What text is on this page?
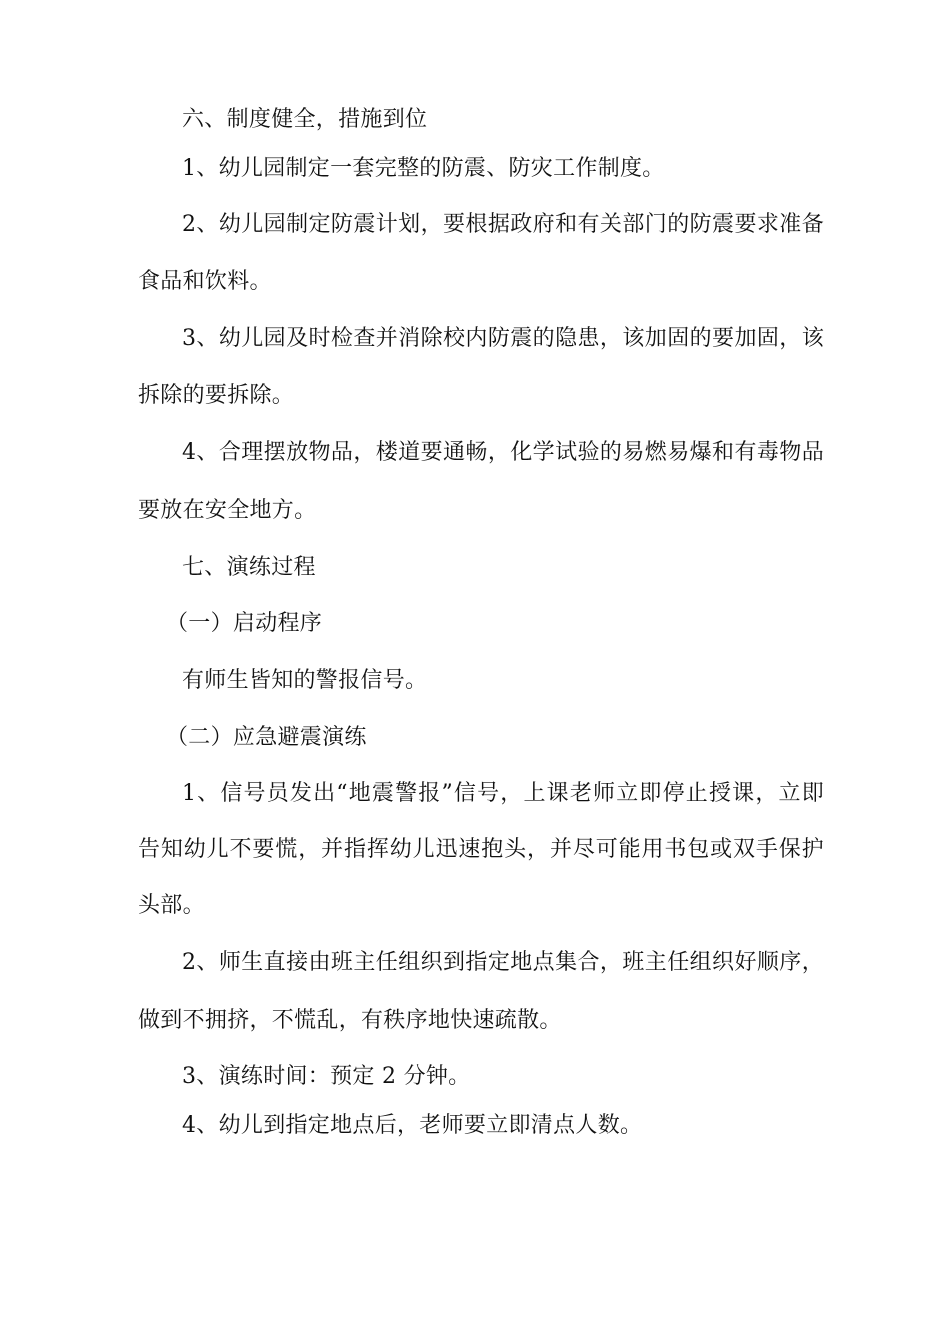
六、制度健全，措施到位
1、幼儿园制定一套完整的防震、防灾工作制度。
2、幼儿园制定防震计划，要根据政府和有关部门的防震要求准备
食品和饮料。
3、幼儿园及时检查并消除校内防震的隐患，该加固的要加固，该
拆除的要拆除。
4、合理摆放物品，楼道要通畅，化学试验的易燃易爆和有毒物品
要放在安全地方。
七、演练过程
（一）启动程序
有师生皆知的警报信号。
（二）应急避震演练
1、信号员发出“地震警报”信号，上课老师立即停止授课，立即
告知幼儿不要慌，并指挥幼儿迅速抱头，并尽可能用书包或双手保护
头部。
2、师生直接由班主任组织到指定地点集合，班主任组织好顺序，
做到不拥挤，不慌乱，有秩序地快速疏散。
3、演练时间：预定 2 分钟。
4、幼儿到指定地点后，老师要立即清点人数。
